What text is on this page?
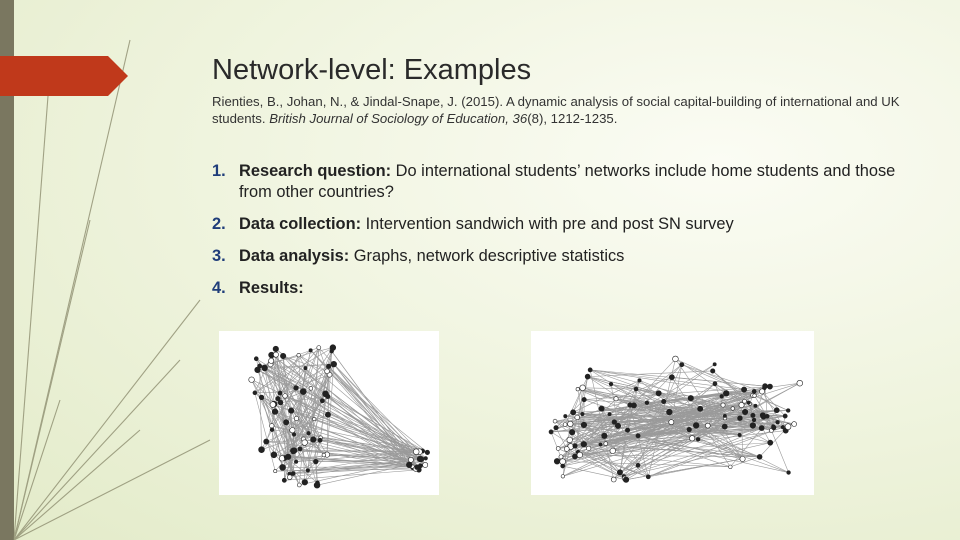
Network-level: Examples
Rienties, B., Johan, N., & Jindal-Snape, J. (2015). A dynamic analysis of social capital-building of international and UK students. British Journal of Sociology of Education, 36(8), 1212-1235.
1. Research question: Do international students’ networks include home students and those from other countries?
2. Data collection: Intervention sandwich with pre and post SN survey
3. Data analysis: Graphs, network descriptive statistics
4. Results:
